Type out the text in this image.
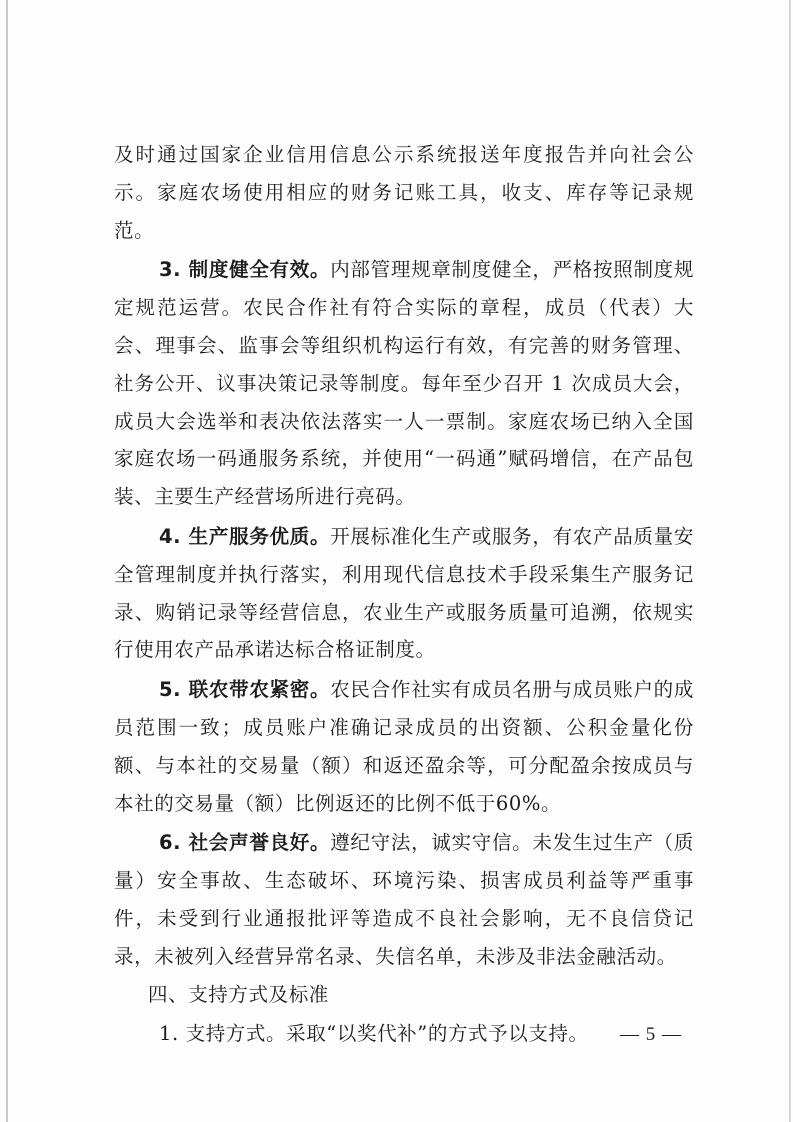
及时通过国家企业信用信息公示系统报送年度报告并向社会公示。家庭农场使用相应的财务记账工具，收支、库存等记录规范。

3. 制度健全有效。内部管理规章制度健全，严格按照制度规定规范运营。农民合作社有符合实际的章程，成员（代表）大会、理事会、监事会等组织机构运行有效，有完善的财务管理、社务公开、议事决策记录等制度。每年至少召开 1 次成员大会，成员大会选举和表决依法落实一人一票制。家庭农场已纳入全国家庭农场一码通服务系统，并使用“一码通”赋码增信，在产品包装、主要生产经营场所进行亮码。

4. 生产服务优质。开展标准化生产或服务，有农产品质量安全管理制度并执行落实，利用现代信息技术手段采集生产服务记录、购销记录等经营信息，农业生产或服务质量可追溯，依规实行使用农产品承诺达标合格证制度。

5. 联农带农紧密。农民合作社实有成员名册与成员账户的成员范围一致；成员账户准确记录成员的出资额、公积金量化份额、与本社的交易量（额）和返还盈余等，可分配盈余按成员与本社的交易量（额）比例返还的比例不低于60%。

6. 社会声誉良好。遵纪守法，诚实守信。未发生过生产（质量）安全事故、生态破坏、环境污染、损害成员利益等严重事件，未受到行业通报批评等造成不良社会影响，无不良信贷记录，未被列入经营异常名录、失信名单，未涉及非法金融活动。

四、支持方式及标准

1. 支持方式。采取“以奖代补”的方式予以支持。	— 5 —
